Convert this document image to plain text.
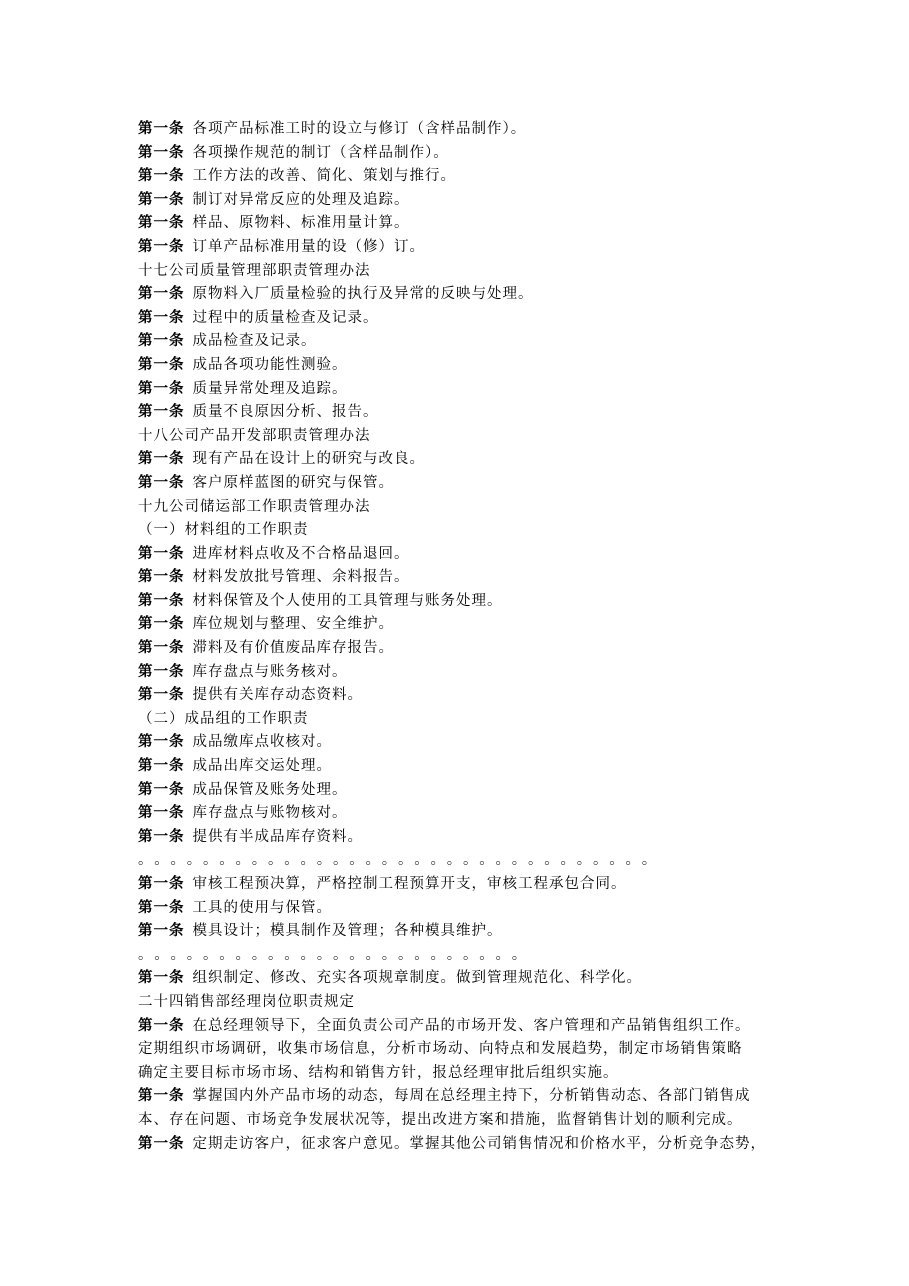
第一条 各项产品标准工时的设立与修订（含样品制作）。
第一条 各项操作规范的制订（含样品制作）。
第一条 工作方法的改善、简化、策划与推行。
第一条 制订对异常反应的处理及追踪。
第一条 样品、原物料、标准用量计算。
第一条 订单产品标准用量的设（修）订。
十七公司质量管理部职责管理办法
第一条 原物料入厂质量检验的执行及异常的反映与处理。
第一条 过程中的质量检查及记录。
第一条 成品检查及记录。
第一条 成品各项功能性测验。
第一条 质量异常处理及追踪。
第一条 质量不良原因分析、报告。
十八公司产品开发部职责管理办法
第一条 现有产品在设计上的研究与改良。
第一条 客户原样蓝图的研究与保管。
十九公司储运部工作职责管理办法
（一）材料组的工作职责
第一条 进库材料点收及不合格品退回。
第一条 材料发放批号管理、余料报告。
第一条 材料保管及个人使用的工具管理与账务处理。
第一条 库位规划与整理、安全维护。
第一条 滞料及有价值废品库存报告。
第一条 库存盘点与账务核对。
第一条 提供有关库存动态资料。
（二）成品组的工作职责
第一条 成品缴库点收核对。
第一条 成品出库交运处理。
第一条 成品保管及账务处理。
第一条 库存盘点与账物核对。
第一条 提供有半成品库存资料。
。。。。。。。。。。。。。。。。。。。。。。。。。。。。。。。。
第一条 审核工程预决算，严格控制工程预算开支，审核工程承包合同。
第一条 工具的使用与保管。
第一条 模具设计；模具制作及管理；各种模具维护。
。。。。。。。。。。。。。。。。。。。。。。。。
第一条 组织制定、修改、充实各项规章制度。做到管理规范化、科学化。
二十四销售部经理岗位职责规定
第一条 在总经理领导下，全面负责公司产品的市场开发、客户管理和产品销售组织工作。
定期组织市场调研，收集市场信息，分析市场动、向特点和发展趋势，制定市场销售策略
确定主要目标市场市场、结构和销售方针，报总经理审批后组织实施。
第一条 掌握国内外产品市场的动态，每周在总经理主持下，分析销售动态、各部门销售成
本、存在问题、市场竞争发展状况等，提出改进方案和措施，监督销售计划的顺利完成。
第一条 定期走访客户，征求客户意见。掌握其他公司销售情况和价格水平，分析竞争态势，
